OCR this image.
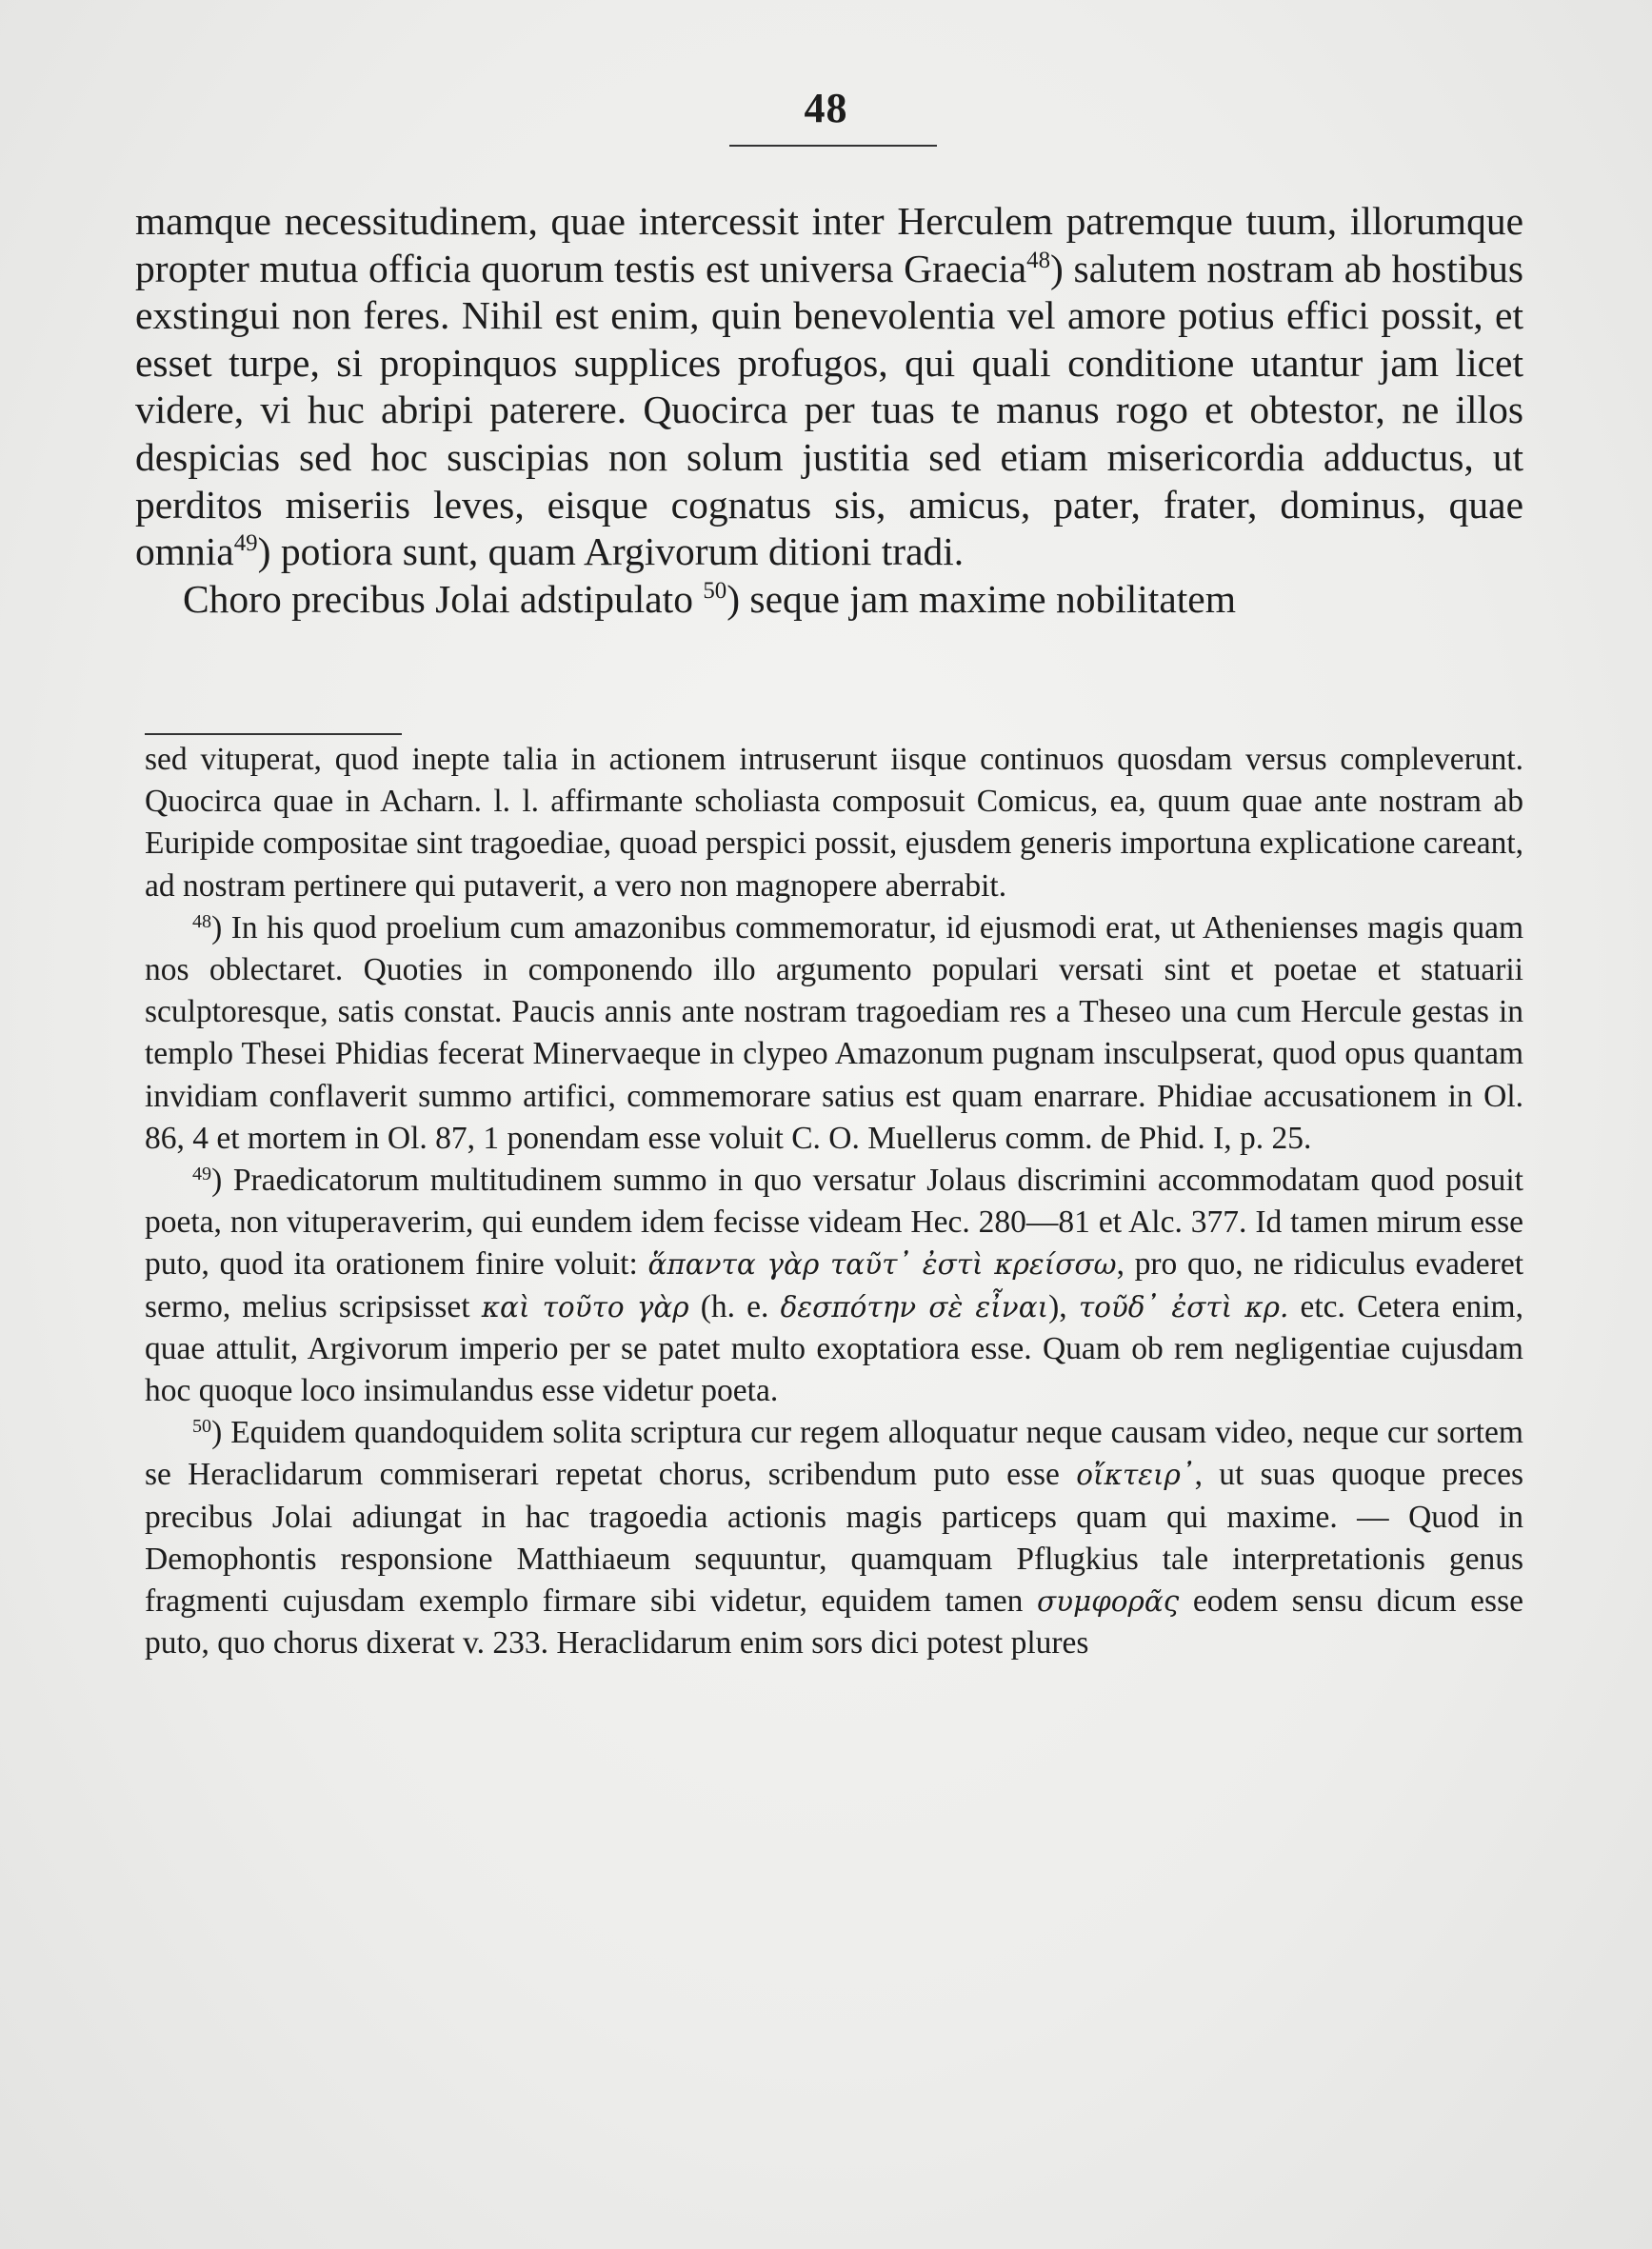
48

mamque necessitudinem, quae intercessit inter Herculem patremque tuum, illorumque propter mutua officia quorum testis est universa Graecia$^{48}$) salutem nostram ab hostibus exstingui non feres. Nihil est enim, quin benevolentia vel amore potius effici possit, et esset turpe, si propinquos supplices profugos, qui quali conditione utantur jam licet videre, vi huc abripi paterere. Quocirca per tuas te manus rogo et obtestor, ne illos despicias sed hoc suscipias non solum justitia sed etiam misericordia adductus, ut perditos miseriis leves, eisque cognatus sis, amicus, pater, frater, dominus, quae omnia$^{49}$) potiora sunt, quam Argivorum ditioni tradi.

Choro precibus Jolai adstipulato $^{50}$) seque jam maxime nobilitatem

sed vituperat, quod inepte talia in actionem intruserunt iisque continuos quosdam versus compleverunt. Quocirca quae in Acharn. l. l. affirmante scholiasta composuit Comicus, ea, quum quae ante nostram ab Euripide compositae sint tragoediae, quoad perspici possit, ejusdem generis importuna explicatione careant, ad nostram pertinere qui putaverit, a vero non magnopere aberrabit.

$^{48}$) In his quod proelium cum amazonibus commemoratur, id ejusmodi erat, ut Athenienses magis quam nos oblectaret. Quoties in componendo illo argumento populari versati sint et poetae et statuarii sculptoresque, satis constat. Paucis annis ante nostram tragoediam res a Theseo una cum Hercule gestas in templo Thesei Phidias fecerat Minervaeque in clypeo Amazonum pugnam insculpserat, quod opus quantam invidiam conflaverit summo artifici, commemorare satius est quam enarrare. Phidiae accusationem in Ol. 86, 4 et mortem in Ol. 87, 1 ponendam esse voluit C. O. Muellerus comm. de Phid. I, p. 25.

$^{49}$) Praedicatorum multitudinem summo in quo versatur Jolaus discrimini accommodatam quod posuit poeta, non vituperaverim, qui eundem idem fecisse videam Hec. 280—81 et Alc. 377. Id tamen mirum esse puto, quod ita orationem finire voluit: ἅπαντα γὰρ ταῦτ᾽ ἐστὶ κρείσσω, pro quo, ne ridiculus evaderet sermo, melius scripsisset καὶ τοῦτο γὰρ (h. e. δεσπότην σὲ εἶναι), τοῦδ᾽ ἐστὶ κρ. etc. Cetera enim, quae attulit, Argivorum imperio per se patet multo exoptatiora esse. Quam ob rem negligentiae cujusdam hoc quoque loco insimulandus esse videtur poeta.

$^{50}$) Equidem quandoquidem solita scriptura cur regem alloquatur neque causam video, neque cur sortem se Heraclidarum commiserari repetat chorus, scribendum puto esse οἴκτειρ᾽, ut suas quoque preces precibus Jolai adiungat in hac tragoedia actionis magis particeps quam qui maxime. — Quod in Demophontis responsione Matthiaeum sequuntur, quamquam Pflugkius tale interpretationis genus fragmenti cujusdam exemplo firmare sibi videtur, equidem tamen συμφορᾶς eodem sensu dicum esse puto, quo chorus dixerat v. 233. Heraclidarum enim sors dici potest plures
